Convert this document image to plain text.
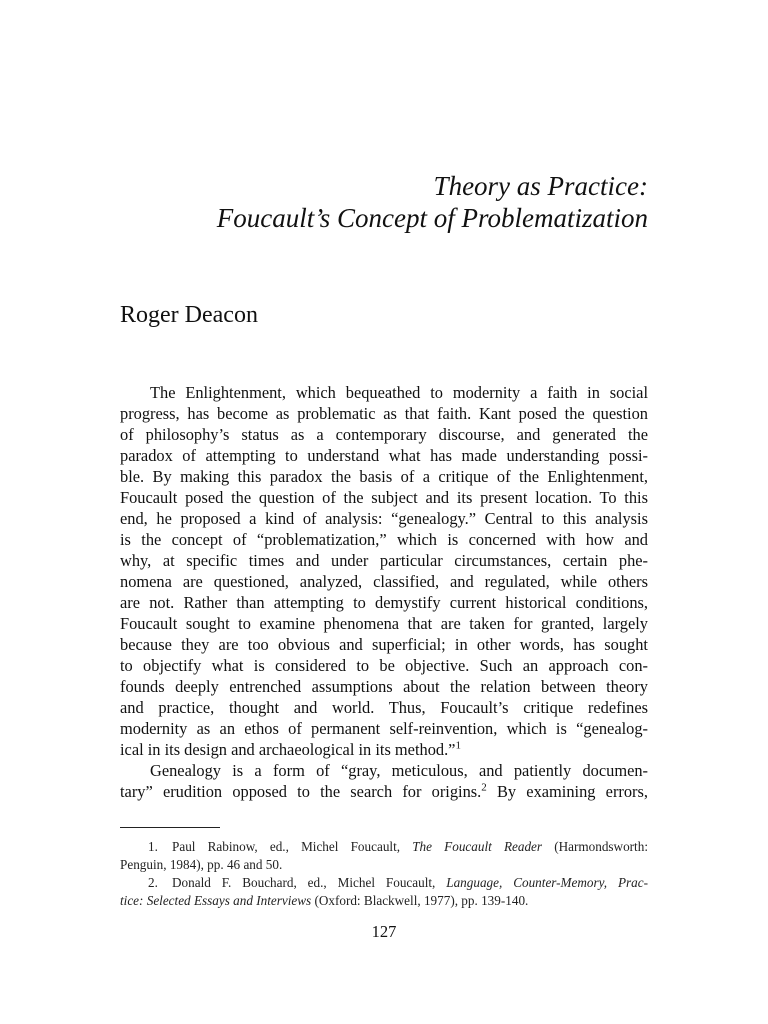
Theory as Practice:
Foucault’s Concept of Problematization
Roger Deacon
The Enlightenment, which bequeathed to modernity a faith in social
progress, has become as problematic as that faith. Kant posed the question
of philosophy’s status as a contemporary discourse, and generated the
paradox of attempting to understand what has made understanding possi-
ble. By making this paradox the basis of a critique of the Enlightenment,
Foucault posed the question of the subject and its present location. To this
end, he proposed a kind of analysis: “genealogy.” Central to this analysis
is the concept of “problematization,” which is concerned with how and
why, at specific times and under particular circumstances, certain phe-
nomena are questioned, analyzed, classified, and regulated, while others
are not. Rather than attempting to demystify current historical conditions,
Foucault sought to examine phenomena that are taken for granted, largely
because they are too obvious and superficial; in other words, has sought
to objectify what is considered to be objective. Such an approach con-
founds deeply entrenched assumptions about the relation between theory
and practice, thought and world. Thus, Foucault’s critique redefines
modernity as an ethos of permanent self-reinvention, which is “genealog-
ical in its design and archaeological in its method.”$^1$
Genealogy is a form of “gray, meticulous, and patiently documen-
tary” erudition opposed to the search for origins.$^2$ By examining errors,
1. Paul Rabinow, ed., Michel Foucault, The Foucault Reader (Harmondsworth:
Penguin, 1984), pp. 46 and 50.
2. Donald F. Bouchard, ed., Michel Foucault, Language, Counter-Memory, Prac-
tice: Selected Essays and Interviews (Oxford: Blackwell, 1977), pp. 139-140.
127
